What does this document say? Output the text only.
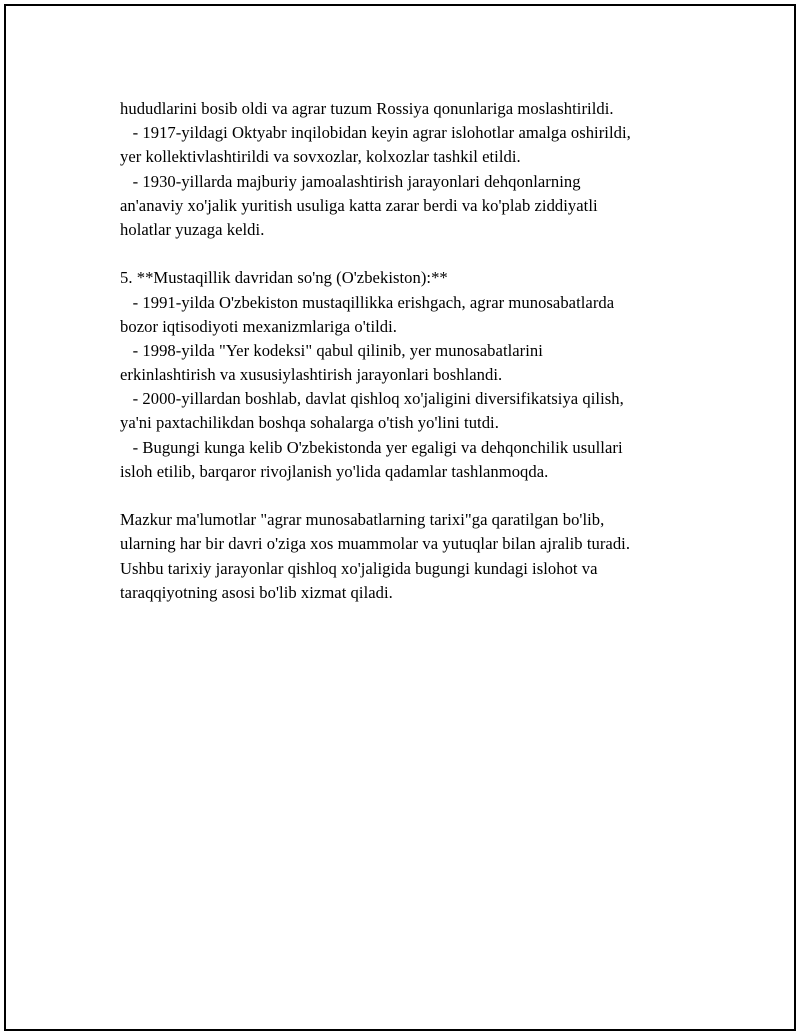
hududlarini bosib oldi va agrar tuzum Rossiya qonunlariga moslashtirildi.
- 1917-yildagi Oktyabr inqilobidan keyin agrar islohotlar amalga oshirildi,
yer kollektivlashtirildi va sovxozlar, kolxozlar tashkil etildi.
- 1930-yillarda majburiy jamoalashtirish jarayonlari dehqonlarning
an'anaviy xo'jalik yuritish usuliga katta zarar berdi va ko'plab ziddiyatli
holatlar yuzaga keldi.
5. **Mustaqillik davridan so'ng (O'zbekiston):**
- 1991-yilda O'zbekiston mustaqillikka erishgach, agrar munosabatlarda
bozor iqtisodiyoti mexanizmlariga o'tildi.
- 1998-yilda "Yer kodeksi" qabul qilinib, yer munosabatlarini
erkinlashtirish va xususiylashtirish jarayonlari boshlandi.
- 2000-yillardan boshlab, davlat qishloq xo'jaligini diversifikatsiya qilish,
ya'ni paxtachilikdan boshqa sohalarga o'tish yo'lini tutdi.
- Bugungi kunga kelib O'zbekistonda yer egaligi va dehqonchilik usullari
isloh etilib, barqaror rivojlanish yo'lida qadamlar tashlanmoqda.
Mazkur ma'lumotlar "agrar munosabatlarning tarixi"ga qaratilgan bo'lib,
ularning har bir davri o'ziga xos muammolar va yutuqlar bilan ajralib turadi.
Ushbu tarixiy jarayonlar qishloq xo'jaligida bugungi kundagi islohot va
taraqqiyotning asosi bo'lib xizmat qiladi.
